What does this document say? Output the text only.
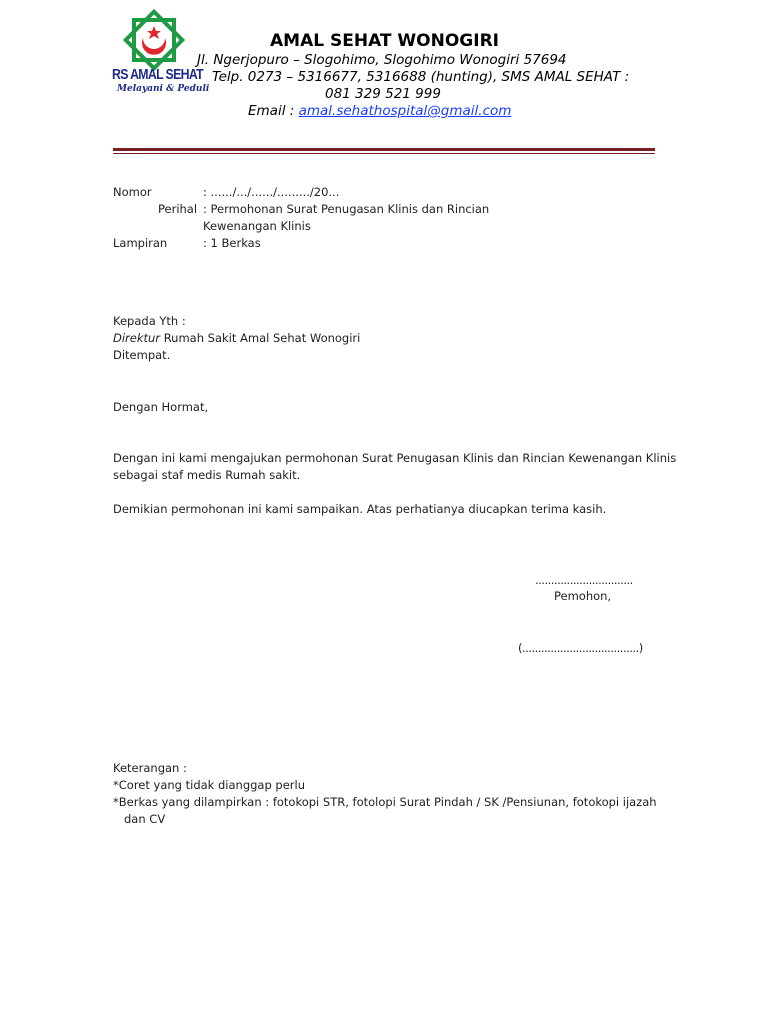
RS AMAL SEHAT
Melayani & Peduli
AMAL SEHAT WONOGIRI
Jl. Ngerjopuro – Slogohimo, Slogohimo Wonogiri 57694
Telp. 0273 – 5316677, 5316688 (hunting), SMS AMAL SEHAT :
081 329 521 999
Email : amal.sehathospital@gmail.com
Nomor	: ....../.../....../........./20...
Perihal : Permohonan Surat Penugasan Klinis dan Rincian
Kewenangan Klinis
Lampiran	: 1 Berkas
Kepada Yth :
Direktur Rumah Sakit Amal Sehat Wonogiri
Ditempat.
Dengan Hormat,
Dengan ini kami mengajukan permohonan Surat Penugasan Klinis dan Rincian Kewenangan Klinis
sebagai staf medis Rumah sakit.
Demikian permohonan ini kami sampaikan. Atas perhatianya diucapkan terima kasih.
...............................
Pemohon,
(.....................................)
Keterangan :
*Coret yang tidak dianggap perlu
*Berkas yang dilampirkan : fotokopi STR, fotolopi Surat Pindah / SK /Pensiunan, fotokopi ijazah
dan CV
